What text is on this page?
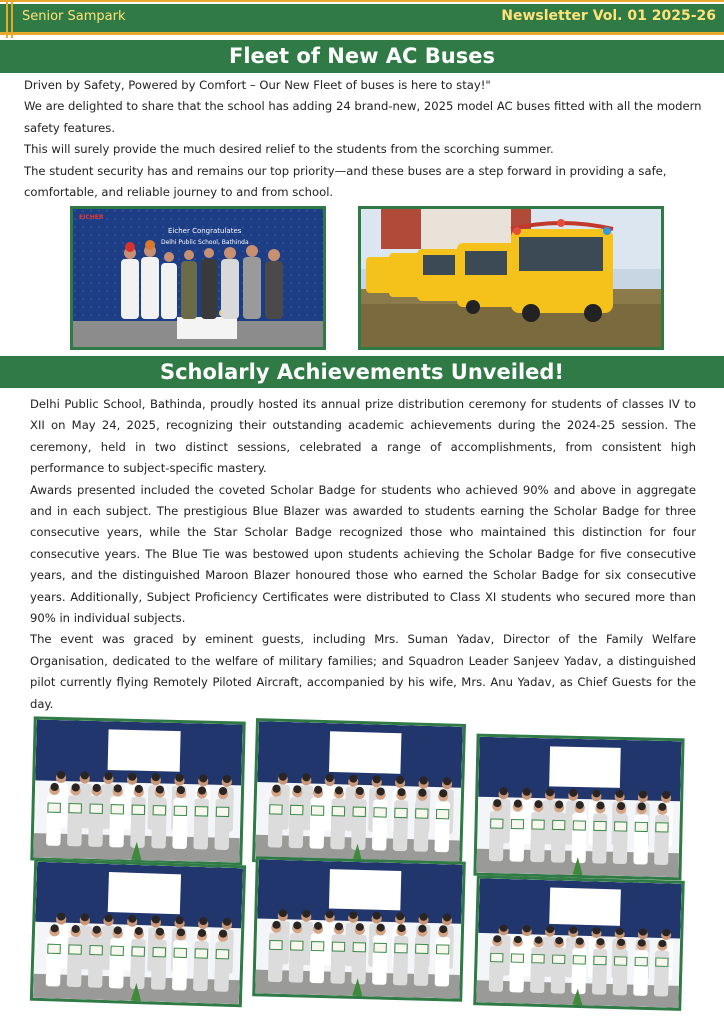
Senior Sampark	Newsletter Vol. 01 2025-26
Fleet of New AC Buses

Driven by Safety, Powered by Comfort – Our New Fleet of buses is here to stay!"

We are delighted to share that the school has adding 24 brand-new, 2025 model AC buses fitted with all the modern safety features.

This will surely provide the much desired relief to the students from the scorching summer.

The student security has and remains our top priority—and these buses are a step forward in providing a safe, comfortable, and reliable journey to and from school.

EICHER
Eicher Congratulates
Delhi Public School, Bathinda
Scholarly Achievements Unveiled!

Delhi Public School, Bathinda, proudly hosted its annual prize distribution ceremony for students of classes IV to XII on May 24, 2025, recognizing their outstanding academic achievements during the 2024-25 session. The ceremony, held in two distinct sessions, celebrated a range of accomplishments, from consistent high performance to subject-specific mastery.

Awards presented included the coveted Scholar Badge for students who achieved 90% and above in aggregate and in each subject. The prestigious Blue Blazer was awarded to students earning the Scholar Badge for three consecutive years, while the Star Scholar Badge recognized those who maintained this distinction for four consecutive years. The Blue Tie was bestowed upon students achieving the Scholar Badge for five consecutive years, and the distinguished Maroon Blazer honoured those who earned the Scholar Badge for six consecutive years. Additionally, Subject Proficiency Certificates were distributed to Class XI students who secured more than 90% in individual subjects.

The event was graced by eminent guests, including Mrs. Suman Yadav, Director of the Family Welfare Organisation, dedicated to the welfare of military families; and Squadron Leader Sanjeev Yadav, a distinguished pilot currently flying Remotely Piloted Aircraft, accompanied by his wife, Mrs. Anu Yadav, as Chief Guests for the day.
